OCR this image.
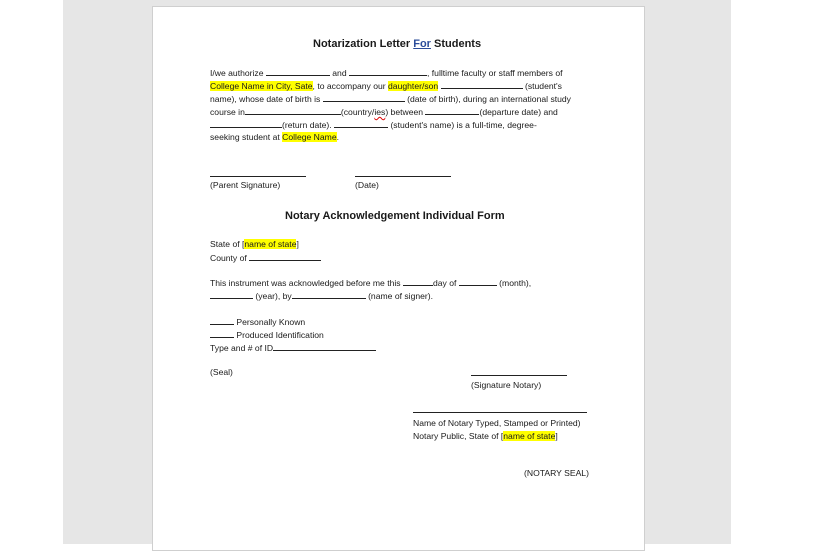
Notarization Letter For Students
I/we authorize	and	, fulltime faculty or staff members of
College Name in City, Sate, to accompany our daughter/son	(student's
name), whose date of birth is	(date of birth), during an international study
course in	(country/ies) between	(departure date) and
(return date).	(student's name) is a full-time, degree-
seeking student at College Name.
(Parent Signature)	(Date)
Notary Acknowledgement Individual Form
State of [name of state]
County of
This instrument was acknowledged before me this	day of	(month),
(year), by	(name of signer).
Personally Known
Produced Identification
Type and # of ID
(Seal)
(Signature Notary)
Name of Notary Typed, Stamped or Printed)
Notary Public, State of [name of state]
(NOTARY SEAL)
